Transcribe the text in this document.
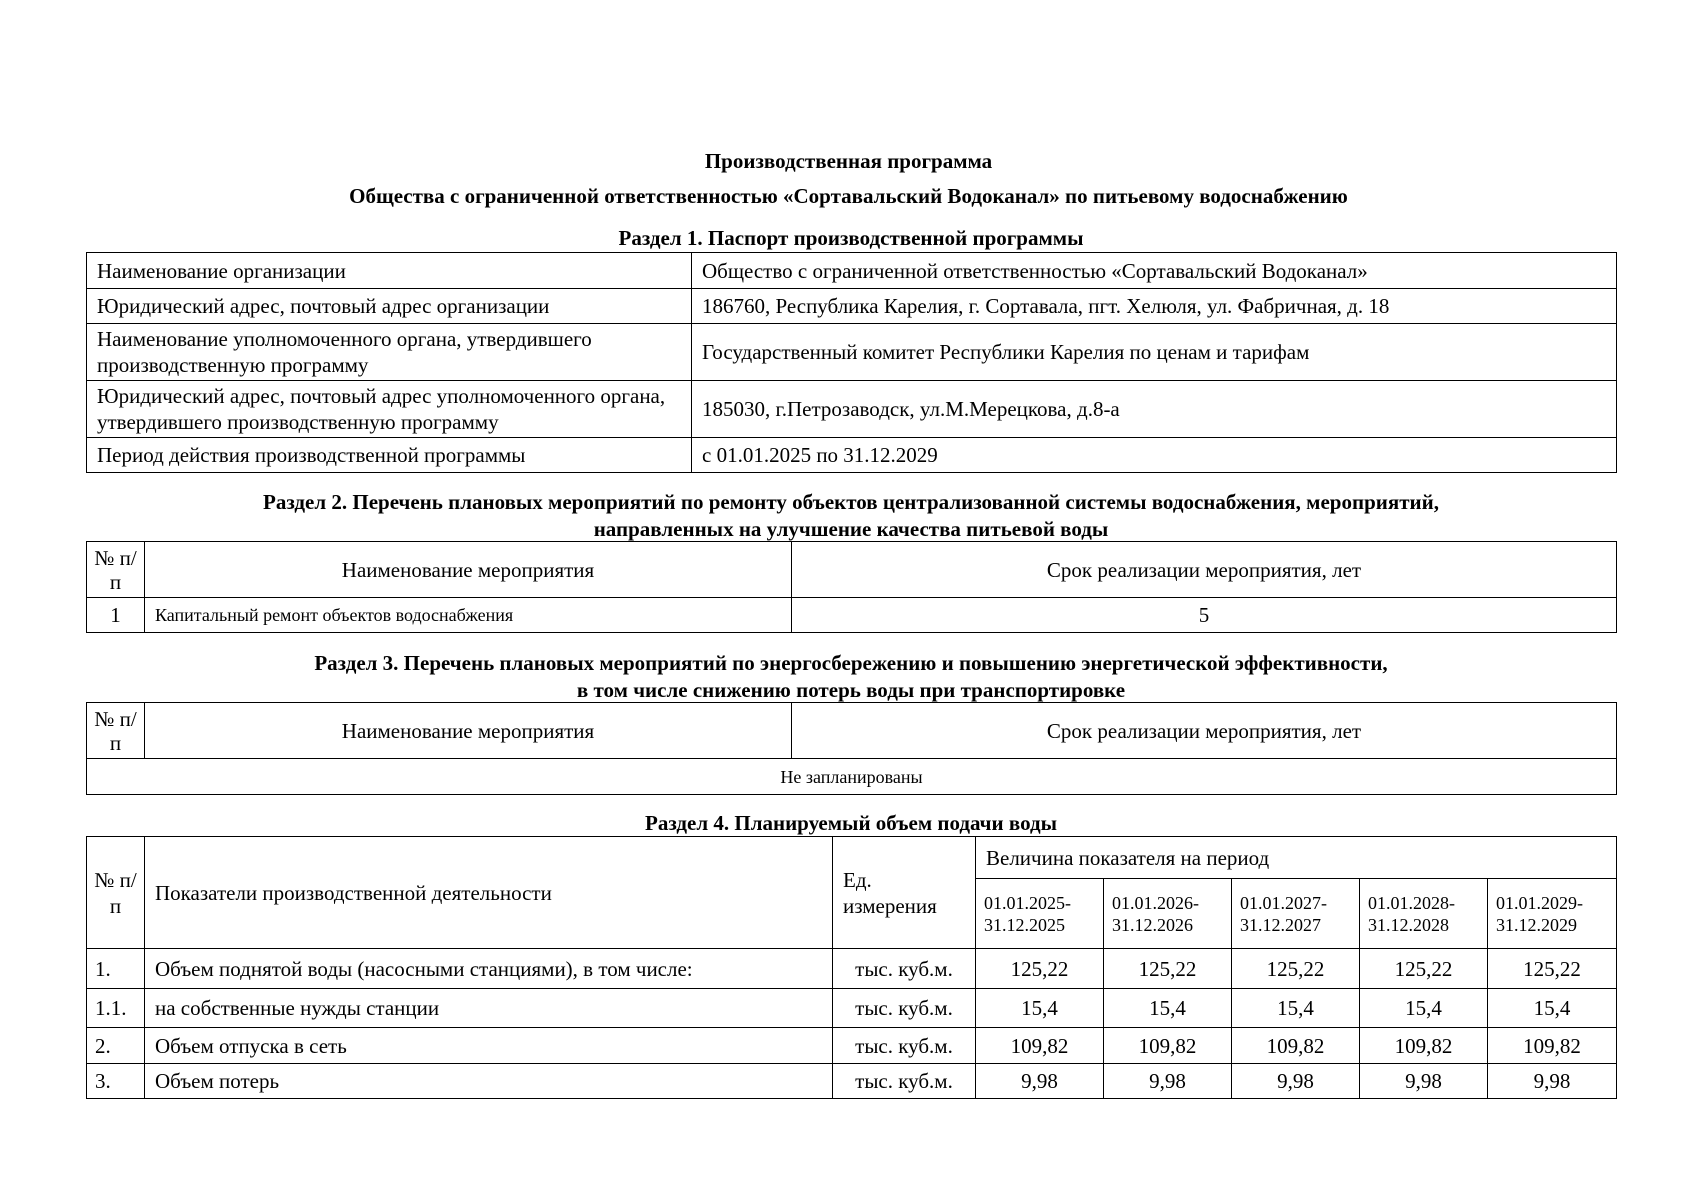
Производственная программа
Общества с ограниченной ответственностью «Сортавальский Водоканал» по питьевому водоснабжению
Раздел 1. Паспорт производственной программы
Наименование организации	Общество с ограниченной ответственностью «Сортавальский Водоканал»
Юридический адрес, почтовый адрес организации	186760, Республика Карелия, г. Сортавала, пгт. Хелюля, ул. Фабричная, д. 18
Наименование уполномоченного органа, утвердившего производственную программу	Государственный комитет Республики Карелия по ценам и тарифам
Юридический адрес, почтовый адрес уполномоченного органа, утвердившего производственную программу	185030, г.Петрозаводск, ул.М.Мерецкова, д.8-а
Период действия производственной программы	с 01.01.2025 по 31.12.2029
Раздел 2. Перечень плановых мероприятий по ремонту объектов централизованной системы водоснабжения, мероприятий,
направленных на улучшение качества питьевой воды
№ п/п	Наименование мероприятия	Срок реализации мероприятия, лет
1	Капитальный ремонт объектов водоснабжения	5
Раздел 3. Перечень плановых мероприятий по энергосбережению и повышению энергетической эффективности,
в том числе снижению потерь воды при транспортировке
№ п/п	Наименование мероприятия	Срок реализации мероприятия, лет
Не запланированы
Раздел 4. Планируемый объем подачи воды
№ п/п	Показатели производственной деятельности	Ед. измерения	Величина показателя на период				
			01.01.2025-31.12.2025	01.01.2026-31.12.2026	01.01.2027-31.12.2027	01.01.2028-31.12.2028	01.01.2029-31.12.2029
1.	Объем поднятой воды (насосными станциями), в том числе:	тыс. куб.м.	125,22	125,22	125,22	125,22	125,22
1.1.	на собственные нужды станции	тыс. куб.м.	15,4	15,4	15,4	15,4	15,4
2.	Объем отпуска в сеть	тыс. куб.м.	109,82	109,82	109,82	109,82	109,82
3.	Объем потерь	тыс. куб.м.	9,98	9,98	9,98	9,98	9,98
